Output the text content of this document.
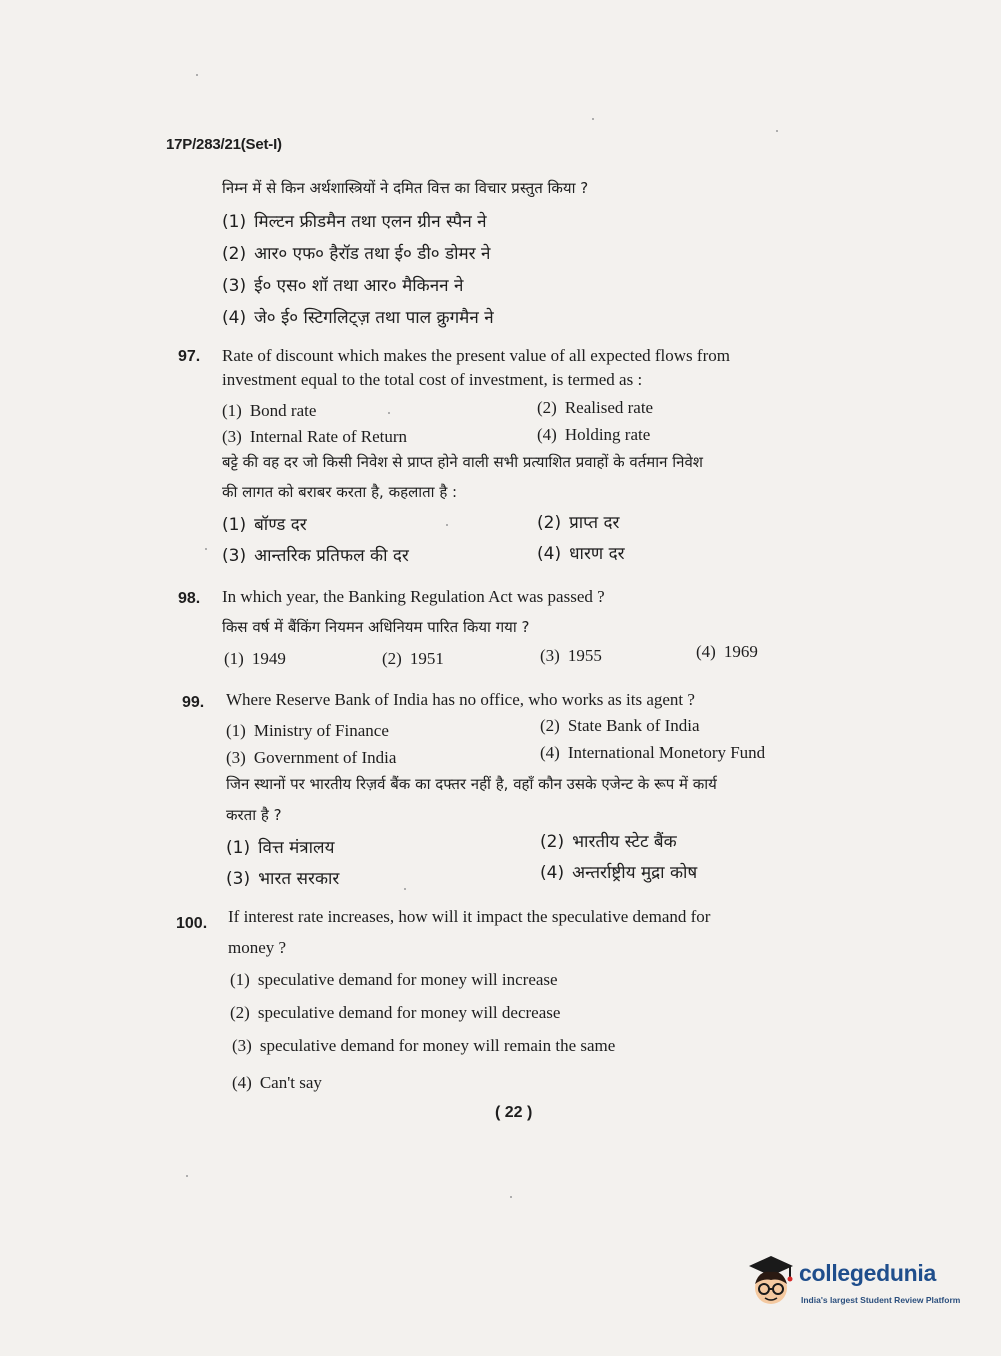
17P/283/21(Set-I)
निम्न में से किन अर्थशास्त्रियों ने दमित वित्त का विचार प्रस्तुत किया ?
(1) मिल्टन फ्रीडमैन तथा एलन ग्रीन स्पैन ने
(2) आर० एफ० हैरॉड तथा ई० डी० डोमर ने
(3) ई० एस० शॉ तथा आर० मैकिनन ने
(4) जे० ई० स्टिगलिट्ज़ तथा पाल क्रुगमैन ने
97. Rate of discount which makes the present value of all expected flows from
investment equal to the total cost of investment, is termed as :
(1) Bond rate	(2) Realised rate
(3) Internal Rate of Return	(4) Holding rate
बट्टे की वह दर जो किसी निवेश से प्राप्त होने वाली सभी प्रत्याशित प्रवाहों के वर्तमान निवेश
की लागत को बराबर करता है, कहलाता है :
(1) बॉण्ड दर	(2) प्राप्त दर
(3) आन्तरिक प्रतिफल की दर	(4) धारण दर
98. In which year, the Banking Regulation Act was passed ?
किस वर्ष में बैंकिंग नियमन अधिनियम पारित किया गया ?
(1) 1949	(2) 1951	(3) 1955	(4) 1969
99. Where Reserve Bank of India has no office, who works as its agent ?
(1) Ministry of Finance	(2) State Bank of India
(3) Government of India	(4) International Monetory Fund
जिन स्थानों पर भारतीय रिज़र्व बैंक का दफ्तर नहीं है, वहाँ कौन उसके एजेन्ट के रूप में कार्य
करता है ?
(1) वित्त मंत्रालय	(2) भारतीय स्टेट बैंक
(3) भारत सरकार	(4) अन्तर्राष्ट्रीय मुद्रा कोष
100. If interest rate increases, how will it impact the speculative demand for
money ?
(1) speculative demand for money will increase
(2) speculative demand for money will decrease
(3) speculative demand for money will remain the same
(4) Can't say
( 22 )
collegedunia
India's largest Student Review Platform
